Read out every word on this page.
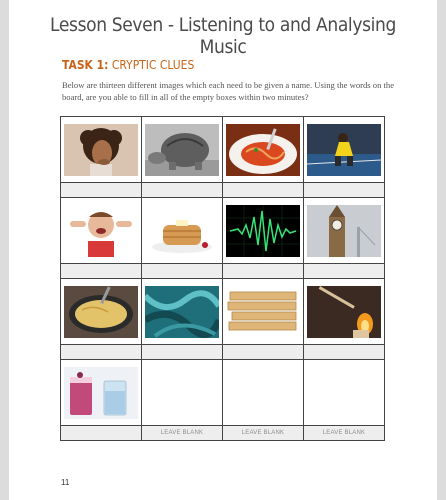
Lesson Seven - Listening to and Analysing Music
TASK 1: CRYPTIC CLUES
Below are thirteen different images which each need to be given a name. Using the words on the board, are you able to fill in all of the empty boxes within two minutes?

	LEAVE BLANK	LEAVE BLANK	LEAVE BLANK
11
